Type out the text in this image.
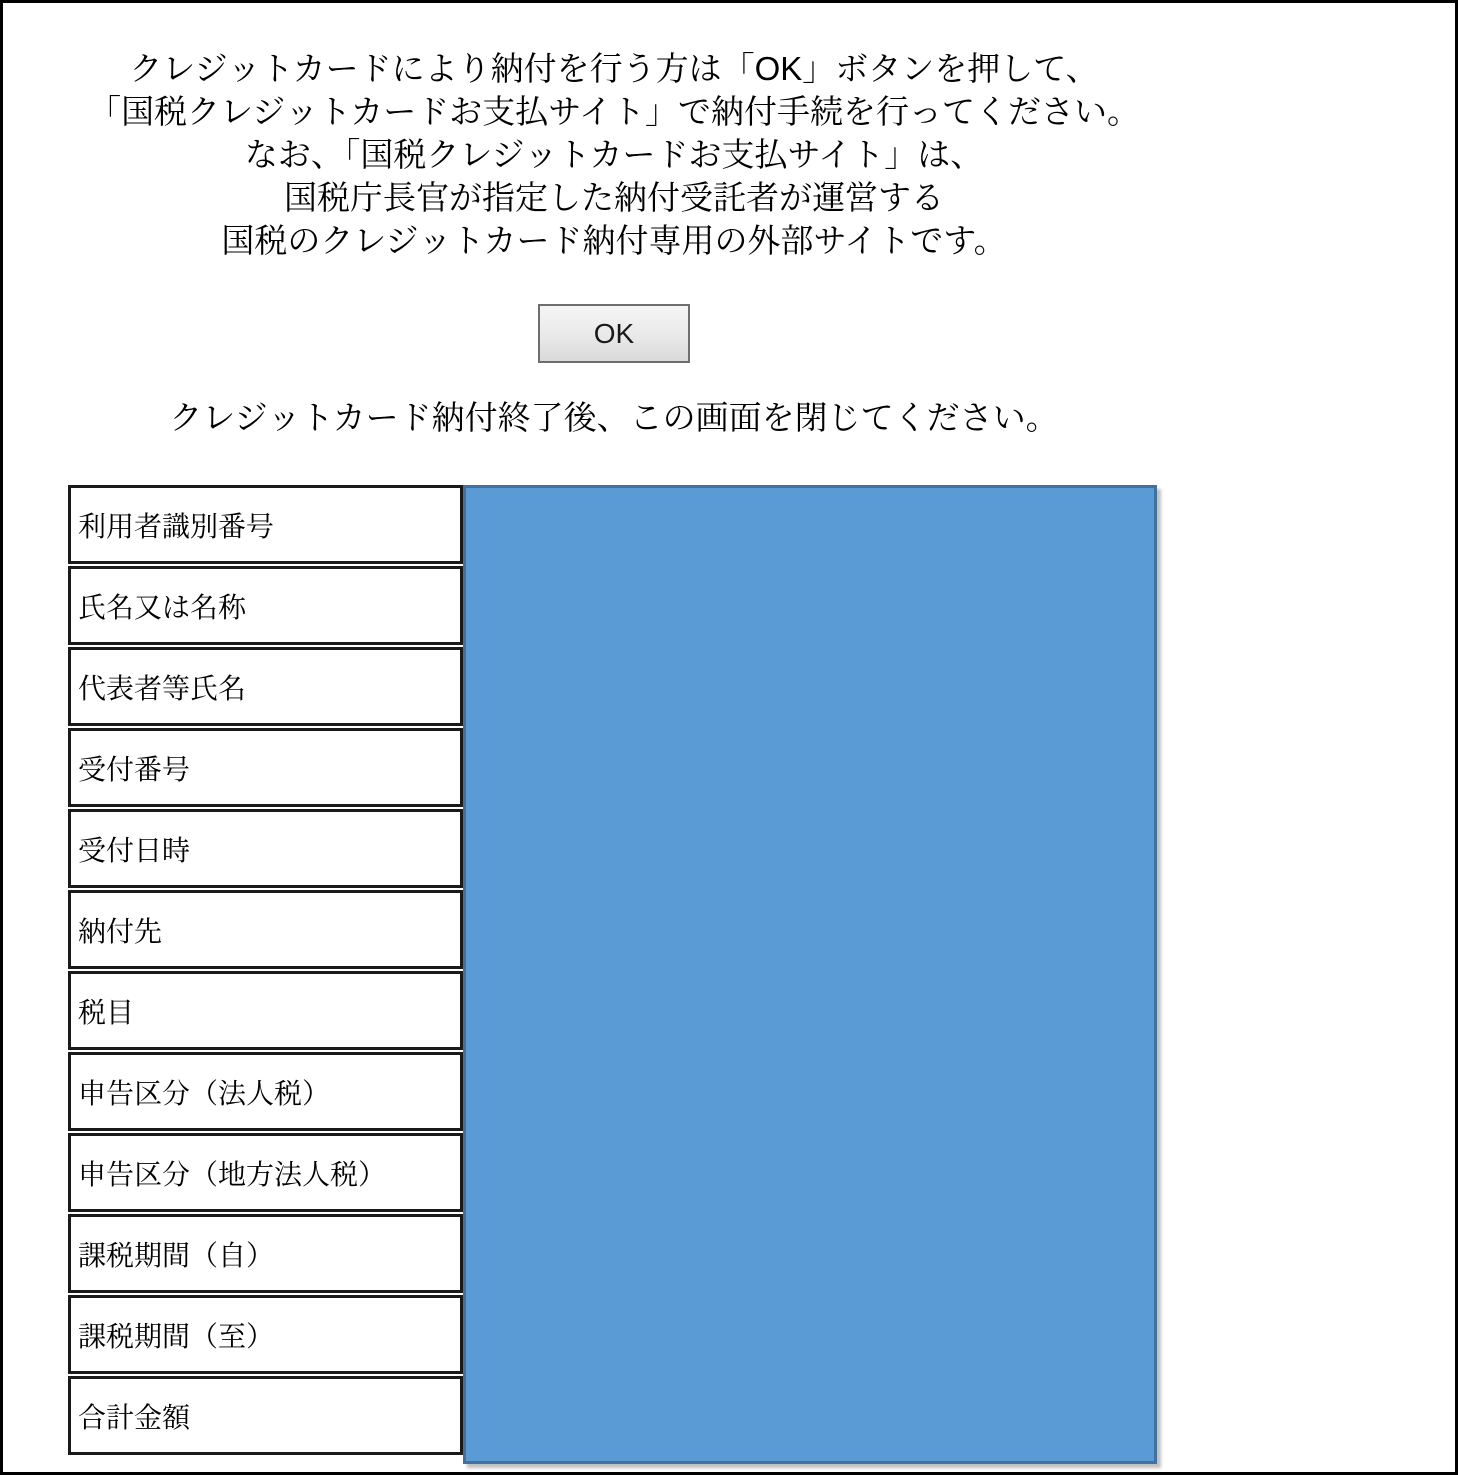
クレジットカードにより納付を行う方は「OK」ボタンを押して、
「国税クレジットカードお支払サイト」で納付手続を行ってください。
なお、「国税クレジットカードお支払サイト」は、
国税庁長官が指定した納付受託者が運営する
国税のクレジットカード納付専用の外部サイトです。
OK
クレジットカード納付終了後、この画面を閉じてください。
利用者識別番号
氏名又は名称
代表者等氏名
受付番号
受付日時
納付先
税目
申告区分（法人税）
申告区分（地方法人税）
課税期間（自）
課税期間（至）
合計金額
